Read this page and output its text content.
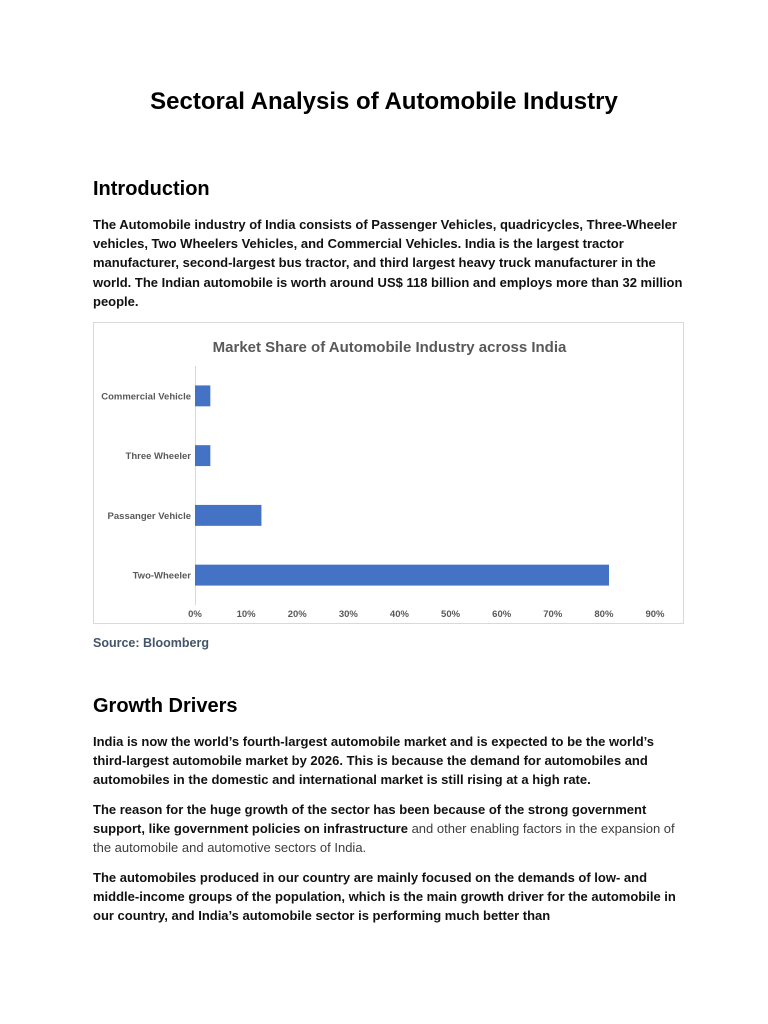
Sectoral Analysis of Automobile Industry
Introduction

The Automobile industry of India consists of Passenger Vehicles, quadricycles, Three-Wheeler vehicles, Two Wheelers Vehicles, and Commercial Vehicles. India is the largest tractor manufacturer, second-largest bus tractor, and third largest heavy truck manufacturer in the world. The Indian automobile is worth around US$ 118 billion and employs more than 32 million people.

Market Share of Automobile Industry across India
Commercial Vehicle
Three Wheeler
Passanger Vehicle
Two-Wheeler
0%	10%	20%	30%	40%	50%	60%	70%	80%	90%

Source: Bloomberg

Growth Drivers

India is now the world’s fourth-largest automobile market and is expected to be the world’s third-largest automobile market by 2026. This is because the demand for automobiles and automobiles in the domestic and international market is still rising at a high rate.

The reason for the huge growth of the sector has been because of the strong government support, like government policies on infrastructure and other enabling factors in the expansion of the automobile and automotive sectors of India.

The automobiles produced in our country are mainly focused on the demands of low- and middle-income groups of the population, which is the main growth driver for the automobile in our country, and India’s automobile sector is performing much better than
